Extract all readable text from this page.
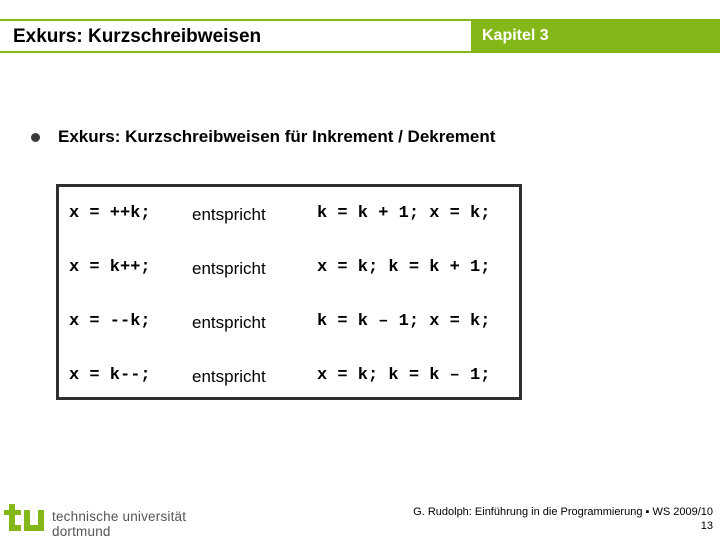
Exkurs: Kurzschreibweisen	Kapitel 3
Exkurs: Kurzschreibweisen für Inkrement / Dekrement
x = ++k; entspricht	k = k + 1; x = k;
x = k++; entspricht	x = k; k = k + 1;
x = --k; entspricht	k = k – 1; x = k;
x = k--; entspricht	x = k; k = k – 1;
technische universität
dortmund
G. Rudolph: Einführung in die Programmierung ▪ WS 2009/10
13
